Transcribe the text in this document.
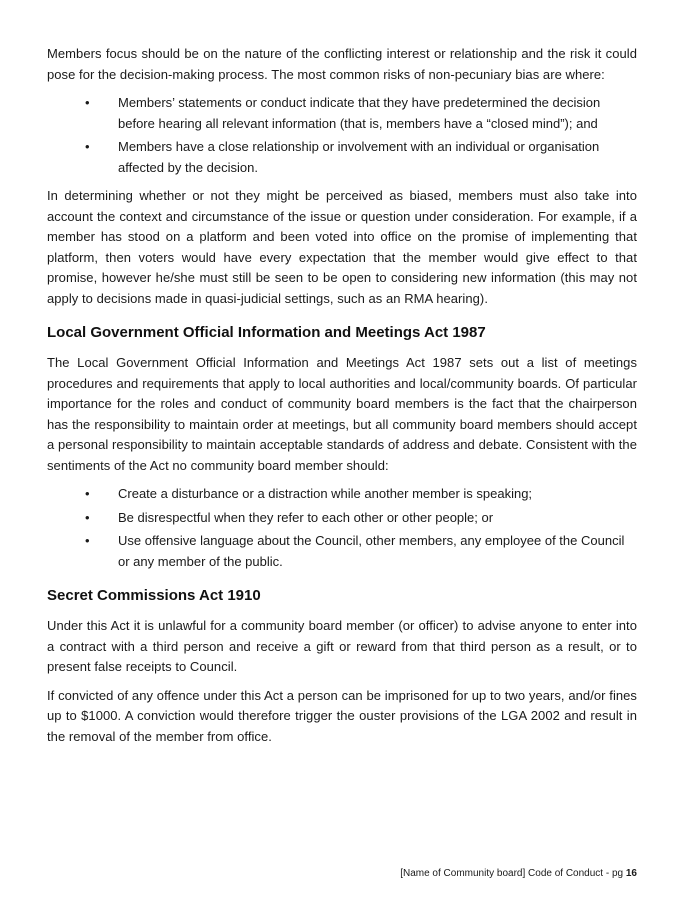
Members focus should be on the nature of the conflicting interest or relationship and the risk it could pose for the decision-making process. The most common risks of non-pecuniary bias are where:

• Members’ statements or conduct indicate that they have predetermined the decision before hearing all relevant information (that is, members have a “closed mind”); and
• Members have a close relationship or involvement with an individual or organisation affected by the decision.

In determining whether or not they might be perceived as biased, members must also take into account the context and circumstance of the issue or question under consideration. For example, if a member has stood on a platform and been voted into office on the promise of implementing that platform, then voters would have every expectation that the member would give effect to that promise, however he/she must still be seen to be open to considering new information (this may not apply to decisions made in quasi-judicial settings, such as an RMA hearing).

Local Government Official Information and Meetings Act 1987

The Local Government Official Information and Meetings Act 1987 sets out a list of meetings procedures and requirements that apply to local authorities and local/community boards. Of particular importance for the roles and conduct of community board members is the fact that the chairperson has the responsibility to maintain order at meetings, but all community board members should accept a personal responsibility to maintain acceptable standards of address and debate. Consistent with the sentiments of the Act no community board member should:

• Create a disturbance or a distraction while another member is speaking;
• Be disrespectful when they refer to each other or other people; or
• Use offensive language about the Council, other members, any employee of the Council or any member of the public.
Secret Commissions Act 1910

Under this Act it is unlawful for a community board member (or officer) to advise anyone to enter into a contract with a third person and receive a gift or reward from that third person as a result, or to present false receipts to Council.

If convicted of any offence under this Act a person can be imprisoned for up to two years, and/or fines up to $1000. A conviction would therefore trigger the ouster provisions of the LGA 2002 and result in the removal of the member from office.

[Name of Community board] Code of Conduct - pg 16
